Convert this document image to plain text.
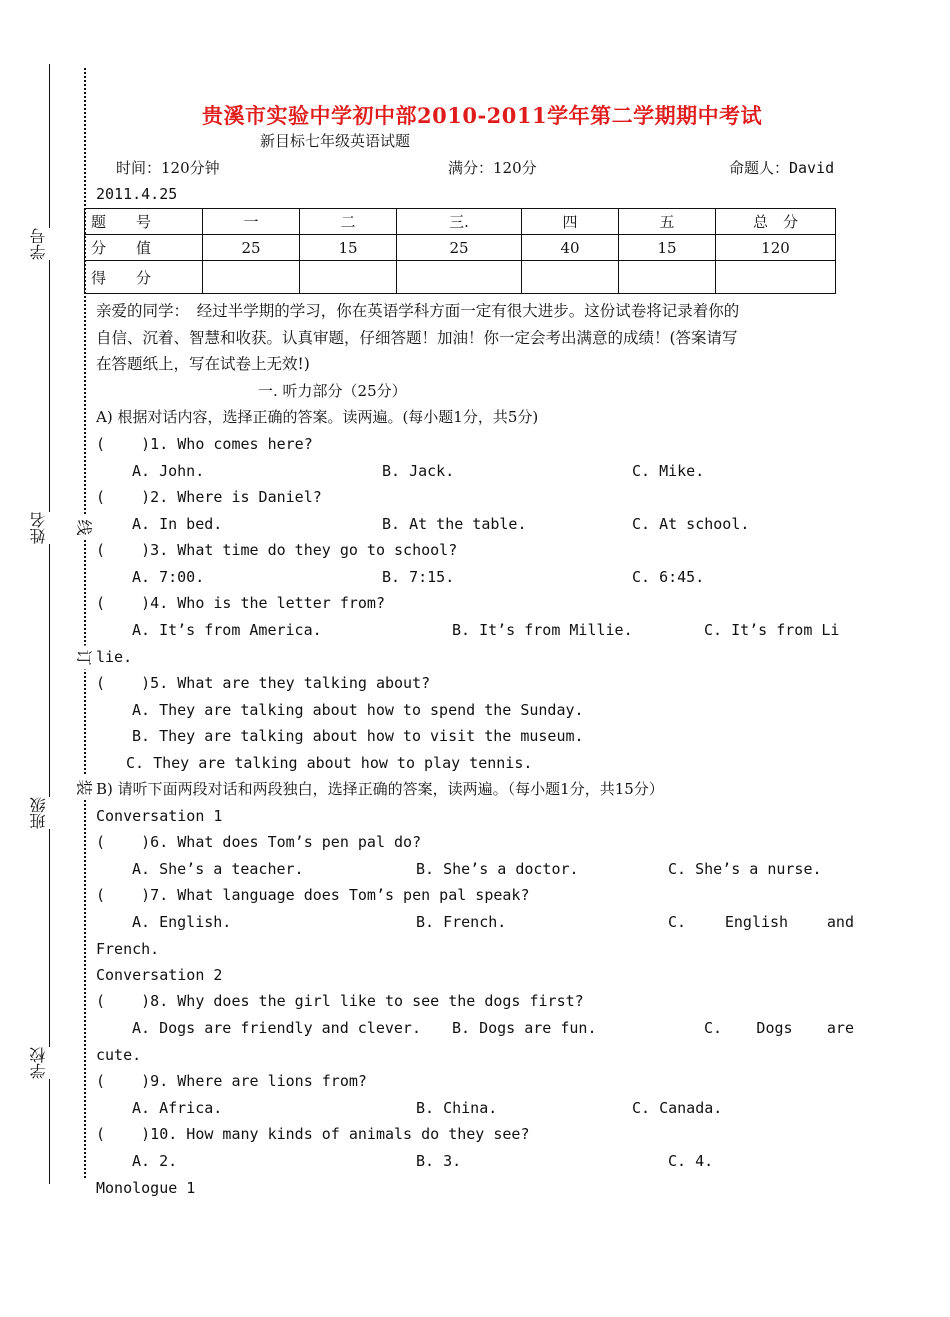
学号
姓名
班级
学校
线
订
装
贵溪市实验中学初中部2010-2011学年第二学期期中考试
新目标七年级英语试题
时间：120分钟	满分：120分	命题人：David
2011.4.25
题　　号	一	二	三.	四	五	总　分
分　　值	25	15	25	40	15	120
得　　分						
亲爱的同学：　经过半学期的学习，你在英语学科方面一定有很大进步。这份试卷将记录着你的
自信、沉着、智慧和收获。认真审题，仔细答题！加油！你一定会考出满意的成绩！(答案请写
在答题纸上，写在试卷上无效!)
一. 听力部分（25分）
A) 根据对话内容，选择正确的答案。读两遍。(每小题1分，共5分)
(    )1. Who comes here?
A. John.	B. Jack.	C. Mike.
(    )2. Where is Daniel?
A. In bed.	B. At the table.	C. At school.
(    )3. What time do they go to school?
A. 7:00.	B. 7:15.	C. 6:45.
(    )4. Who is the letter from?
A. It’s from America.	B. It’s from Millie.	C. It’s from Li
lie.
(    )5. What are they talking about?
A. They are talking about how to spend the Sunday.
B. They are talking about how to visit the museum.
C. They are talking about how to play tennis.
B) 请听下面两段对话和两段独白，选择正确的答案，读两遍。（每小题1分，共15分）
Conversation 1
(    )6. What does Tom’s pen pal do?
A. She’s a teacher.	B. She’s a doctor.	C. She’s a nurse.
(    )7. What language does Tom’s pen pal speak?
A. English.	B. French.	C.	English	and
French.
Conversation 2
(    )8. Why does the girl like to see the dogs first?
A. Dogs are friendly and clever. B. Dogs are fun.	C. Dogs are
cute.
(    )9. Where are lions from?
A. Africa.	B. China.	C. Canada.
(    )10. How many kinds of animals do they see?
A. 2.	B. 3.	C. 4.
Monologue 1
